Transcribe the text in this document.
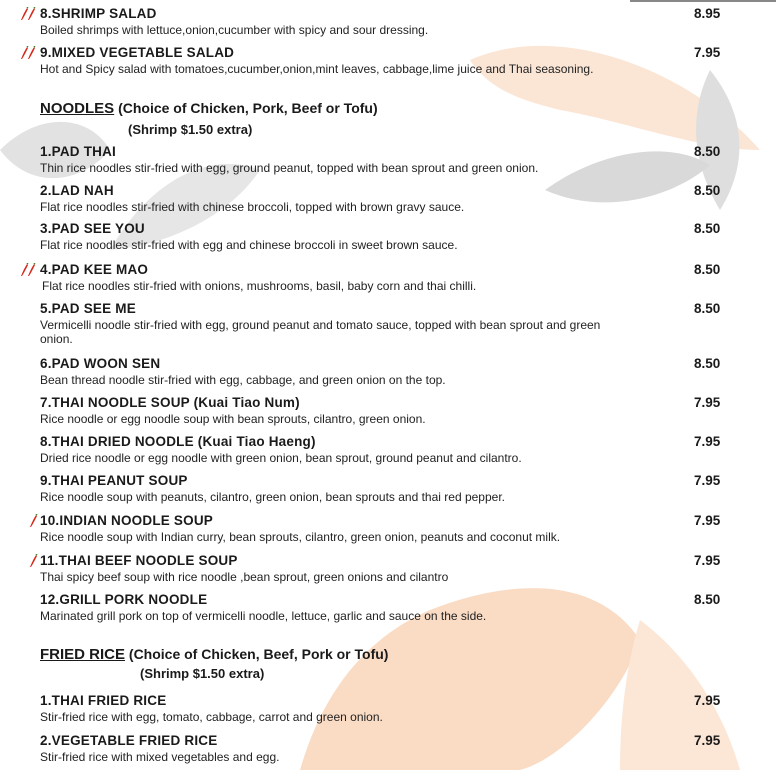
8.SHRIMP SALAD
Boiled shrimps with lettuce,onion,cucumber with spicy and sour dressing.
8.95
9.MIXED VEGETABLE SALAD
Hot and Spicy salad with tomatoes,cucumber,onion,mint leaves, cabbage,lime juice and Thai seasoning.
7.95
NOODLES (Choice of Chicken, Pork, Beef or Tofu)
(Shrimp $1.50 extra)
1.PAD THAI
Thin rice noodles stir-fried with egg, ground peanut, topped with bean sprout and green onion.
8.50
2.LAD NAH
Flat rice noodles stir-fried with chinese broccoli, topped with brown gravy sauce.
8.50
3.PAD SEE YOU
Flat rice noodles stir-fried with egg and chinese broccoli in sweet brown sauce.
8.50
4.PAD KEE MAO
Flat rice noodles stir-fried with onions, mushrooms, basil, baby corn and thai chilli.
8.50
5.PAD SEE ME
Vermicelli noodle stir-fried with egg, ground peanut and tomato sauce, topped with bean sprout and green onion.
8.50
6.PAD WOON SEN
Bean thread noodle stir-fried with egg, cabbage, and green onion on the top.
8.50
7.THAI NOODLE SOUP (Kuai Tiao Num)
Rice noodle or egg noodle soup with bean sprouts, cilantro, green onion.
7.95
8.THAI DRIED NOODLE (Kuai Tiao Haeng)
Dried rice noodle or egg noodle with green onion, bean sprout, ground peanut and cilantro.
7.95
9.THAI PEANUT SOUP
Rice noodle soup with peanuts, cilantro, green onion, bean sprouts and thai red pepper.
7.95
10.INDIAN NOODLE SOUP
Rice noodle soup with Indian curry, bean sprouts, cilantro, green onion, peanuts and coconut milk.
7.95
11.THAI BEEF NOODLE SOUP
Thai spicy beef soup with rice noodle ,bean sprout, green onions and cilantro
7.95
12.GRILL PORK NOODLE
Marinated grill pork on top of vermicelli noodle, lettuce, garlic and sauce on the side.
8.50
FRIED RICE (Choice of Chicken, Beef, Pork or Tofu)
(Shrimp $1.50 extra)
1.THAI FRIED RICE
Stir-fried rice with egg, tomato, cabbage, carrot and green onion.
7.95
2.VEGETABLE FRIED RICE
Stir-fried rice with mixed vegetables and egg.
7.95
